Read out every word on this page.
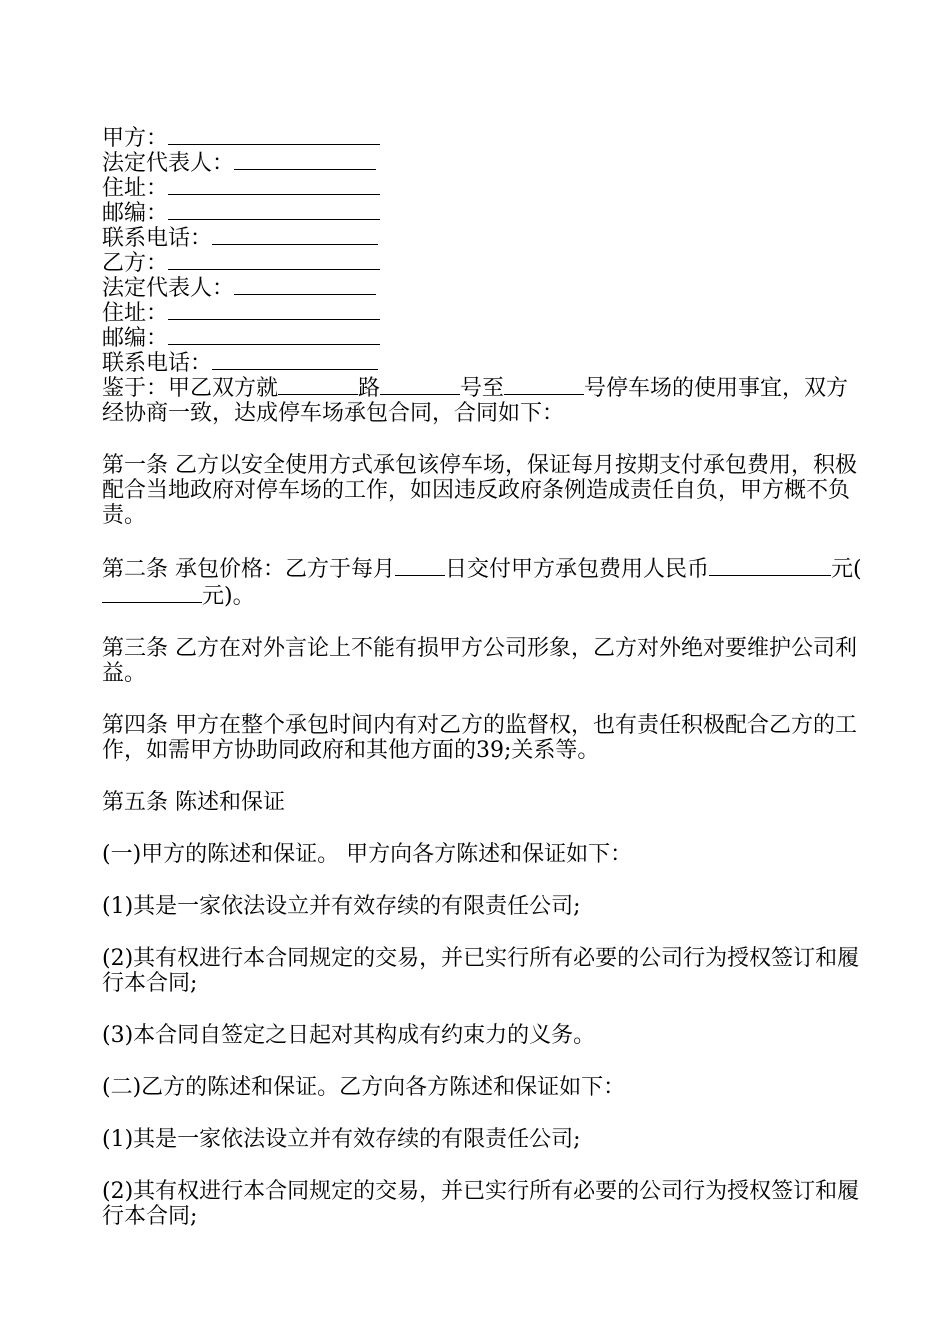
甲方：
法定代表人：
住址：
邮编：
联系电话：
乙方：
法定代表人：
住址：
邮编：
联系电话：

鉴于：甲乙双方就	路	号至	号停车场的使用事宜，双方经协商一致，达成停车场承包合同，合同如下：

第一条 乙方以安全使用方式承包该停车场，保证每月按期支付承包费用，积极配合当地政府对停车场的工作，如因违反政府条例造成责任自负，甲方概不负责。

第二条 承包价格：乙方于每月 日交付甲方承包费用人民币	元(元)。

第三条 乙方在对外言论上不能有损甲方公司形象，乙方对外绝对要维护公司利益。

第四条 甲方在整个承包时间内有对乙方的监督权，也有责任积极配合乙方的工作，如需甲方协助同政府和其他方面的39;关系等。

第五条 陈述和保证

(一)甲方的陈述和保证。 甲方向各方陈述和保证如下：

(1)其是一家依法设立并有效存续的有限责任公司;

(2)其有权进行本合同规定的交易，并已实行所有必要的公司行为授权签订和履行本合同;

(3)本合同自签定之日起对其构成有约束力的义务。

(二)乙方的陈述和保证。乙方向各方陈述和保证如下：

(1)其是一家依法设立并有效存续的有限责任公司;

(2)其有权进行本合同规定的交易，并已实行所有必要的公司行为授权签订和履行本合同;
